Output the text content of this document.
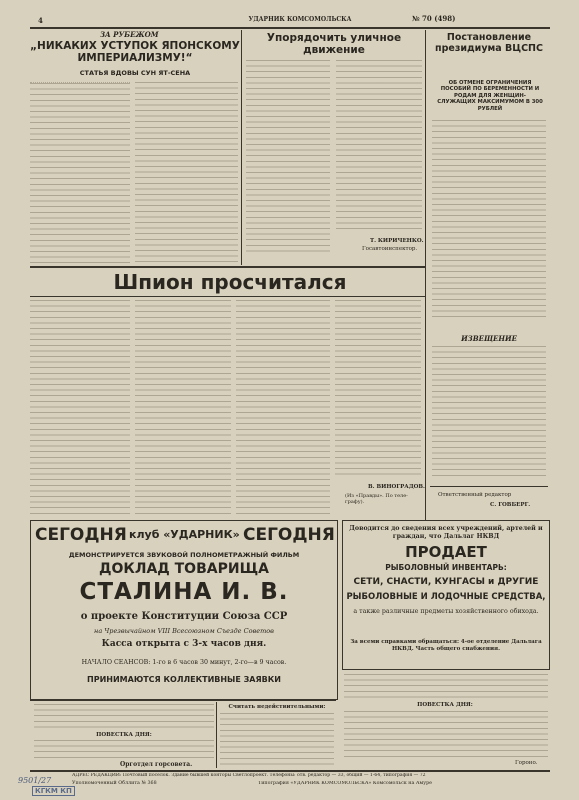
4
ЗА РУБЕЖОМ
УДАРНИК КОМСОМОЛЬСКА	№ 70 (498)
„НИКАКИХ УСТУПОК ЯПОНСКОМУ ИМПЕРИАЛИЗМУ!“
СТАТЬЯ ВДОВЫ СУН ЯТ-СЕНА
Упорядочить уличное движение
Т. КИРИЧЕНКО.
Госавтоинспектор.
Постановление президиума ВЦСПС
ОБ ОТМЕНЕ ОГРАНИЧЕНИЯ ПОСОБИЙ ПО БЕРЕМЕННОСТИ И РОДАМ ДЛЯ ЖЕНЩИН-СЛУЖАЩИХ МАКСИМУМОМ В 300 РУБЛЕЙ
ИЗВЕЩЕНИЕ
Ответственный редактор
С. ГОВБЕРГ.
Шпион просчитался
В. ВИНОГРАДОВ.
(Из «Правды». По теле-графу).
СЕГОДНЯ клуб «УДАРНИК» СЕГОДНЯ
ДЕМОНСТРИРУЕТСЯ ЗВУКОВОЙ ПОЛНОМЕТРАЖНЫЙ ФИЛЬМ
ДОКЛАД ТОВАРИЩА
СТАЛИНА И. В.
о проекте Конституции Союза ССР
на Чрезвычайном VIII Всесоюзном Съезде Советов
Касса открыта с 3-х часов дня.
НАЧАЛО СЕАНСОВ: 1-го в 6 часов 30 минут, 2-го—в 9 часов.
ПРИНИМАЮТСЯ КОЛЛЕКТИВНЫЕ ЗАЯВКИ
Доводится до сведения всех учреждений, артелей и граждан, что Дальлаг НКВД
ПРОДАЕТ
РЫБОЛОВНЫЙ ИНВЕНТАРЬ:
СЕТИ, СНАСТИ, КУНГАСЫ и ДРУГИЕ
РЫБОЛОВНЫЕ И ЛОДОЧНЫЕ СРЕДСТВА,
а также различные предметы хозяйственного обихода.
За всеми справками обращаться: 4-ое отделение Дальлага НКВД. Часть общего снабжения.
ПОВЕСТКА ДНЯ:
Гороно.
ПОВЕСТКА ДНЯ:
Орготдел горсовета.
Считать недействительными:
АДРЕС РЕДАКЦИИ: Почтовый поселок. Здание бывшей конторы Светлопроект. Телефоны: отв. редактор — 33, общий — 1-64, типография — 72
Уполномоченный Обллита № 368	Типография «УДАРНИК КОМСОМОЛЬСКА» Комсомольск на Амуре
9501/27
КГКМ КП
